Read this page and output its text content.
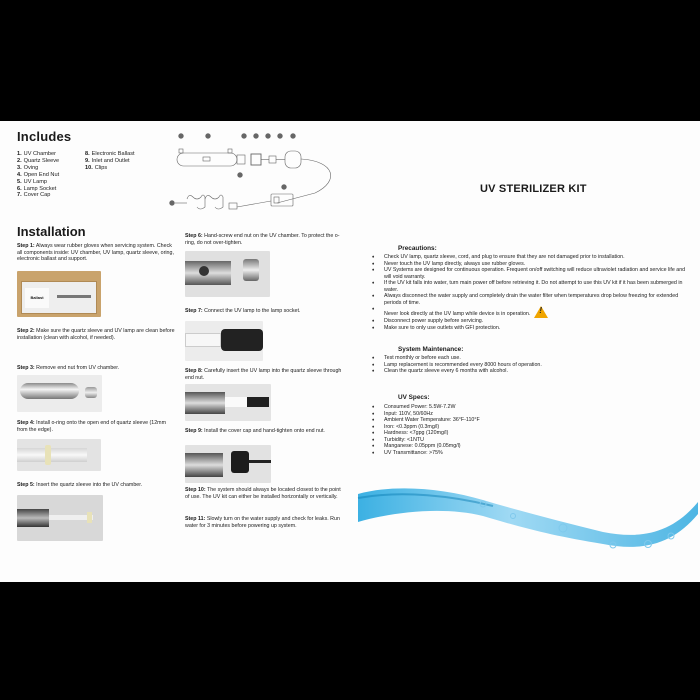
Includes
1. UV Chamber
2. Quartz Sleeve
3. Oving
4. Open End Nut
5. UV Lamp
6. Lamp Socket
7. Cover Cap
8. Electronic Ballast
9. Inlet and Outlet
10. Clips
Installation
Step 1: Always wear rubber gloves when servicing system. Check all components inside: UV chamber, UV lamp, quartz sleeve, oring, electronic ballast and support.
Ballast
Step 2: Make sure the quartz sleeve and UV lamp are clean before installation (clean with alcohol, if needed).
Step 3: Remove end nut from UV chamber.
Step 4: Install o-ring onto the open end of quartz sleeve (12mm from the edge).
Step 5: Insert the quartz sleeve into the UV chamber.
Step 6: Hand-screw end nut on the UV chamber. To protect the o-ring, do not over-tighten.
Step 7: Connect the UV lamp to the lamp socket.
Step 8: Carefully insert the UV lamp into the quartz sleeve through end nut.
Step 9: Install the cover cap and hand-tighten onto end nut.
Step 10: The system should always be located closest to the point of use. The UV kit can either be installed horizontally or vertically.
Step 11: Slowly turn on the water supply and check for leaks. Run water for 3 minutes before powering up system.
UV STERILIZER KIT
Precautions:
♦ Check UV lamp, quartz sleeve, cord, and plug to ensure that they are not damaged prior to installation.
♦ Never touch the UV lamp directly, always use rubber gloves.
♦ UV Systems are designed for continuous operation. Frequent on/off switching will reduce ultraviolet radiation and service life and will void warranty.
♦ If the UV kit falls into water, turn main power off before retrieving it. Do not attempt to use this UV kit if it has been submerged in water.
♦ Always disconnect the water supply and completely drain the water filter when temperatures drop below freezing for extended periods of time.
♦ Never look directly at the UV lamp while device is in operation. !
♦ Disconnect power supply before servicing.
♦ Make sure to only use outlets with GFI protection.
System Maintenance:
♦ Test monthly or before each use.
♦ Lamp replacement is recommended every 8000 hours of operation.
♦ Clean the quartz sleeve every 6 months with alcohol.
UV Specs:
♦ Consumed Power: 5.5W-7.2W
♦ Input: 110V, 50/60Hz
♦ Ambient Water Temperature: 36°F-110°F
♦ Iron: <0.3ppm (0.3mg/l)
♦ Hardness: <7gpg (120mg/l)
♦ Turbidity: <1NTU
♦ Manganese: 0.05ppm (0.05mg/l)
♦ UV Transmittance: >75%
